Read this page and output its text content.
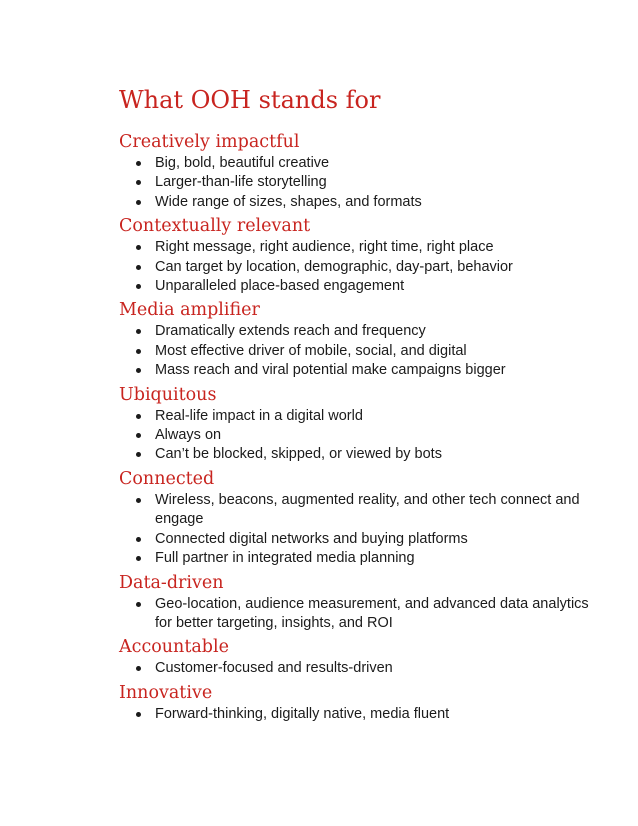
What OOH stands for
Creatively impactful
Big, bold, beautiful creative
Larger-than-life storytelling
Wide range of sizes, shapes, and formats
Contextually relevant
Right message, right audience, right time, right place
Can target by location, demographic, day-part, behavior
Unparalleled place-based engagement
Media amplifier
Dramatically extends reach and frequency
Most effective driver of mobile, social, and digital
Mass reach and viral potential make campaigns bigger
Ubiquitous
Real-life impact in a digital world
Always on
Can’t be blocked, skipped, or viewed by bots
Connected
Wireless, beacons, augmented reality, and other tech connect and engage
Connected digital networks and buying platforms
Full partner in integrated media planning
Data-driven
Geo-location, audience measurement, and advanced data analytics for better targeting, insights, and ROI
Accountable
Customer-focused and results-driven
Innovative
Forward-thinking, digitally native, media fluent
